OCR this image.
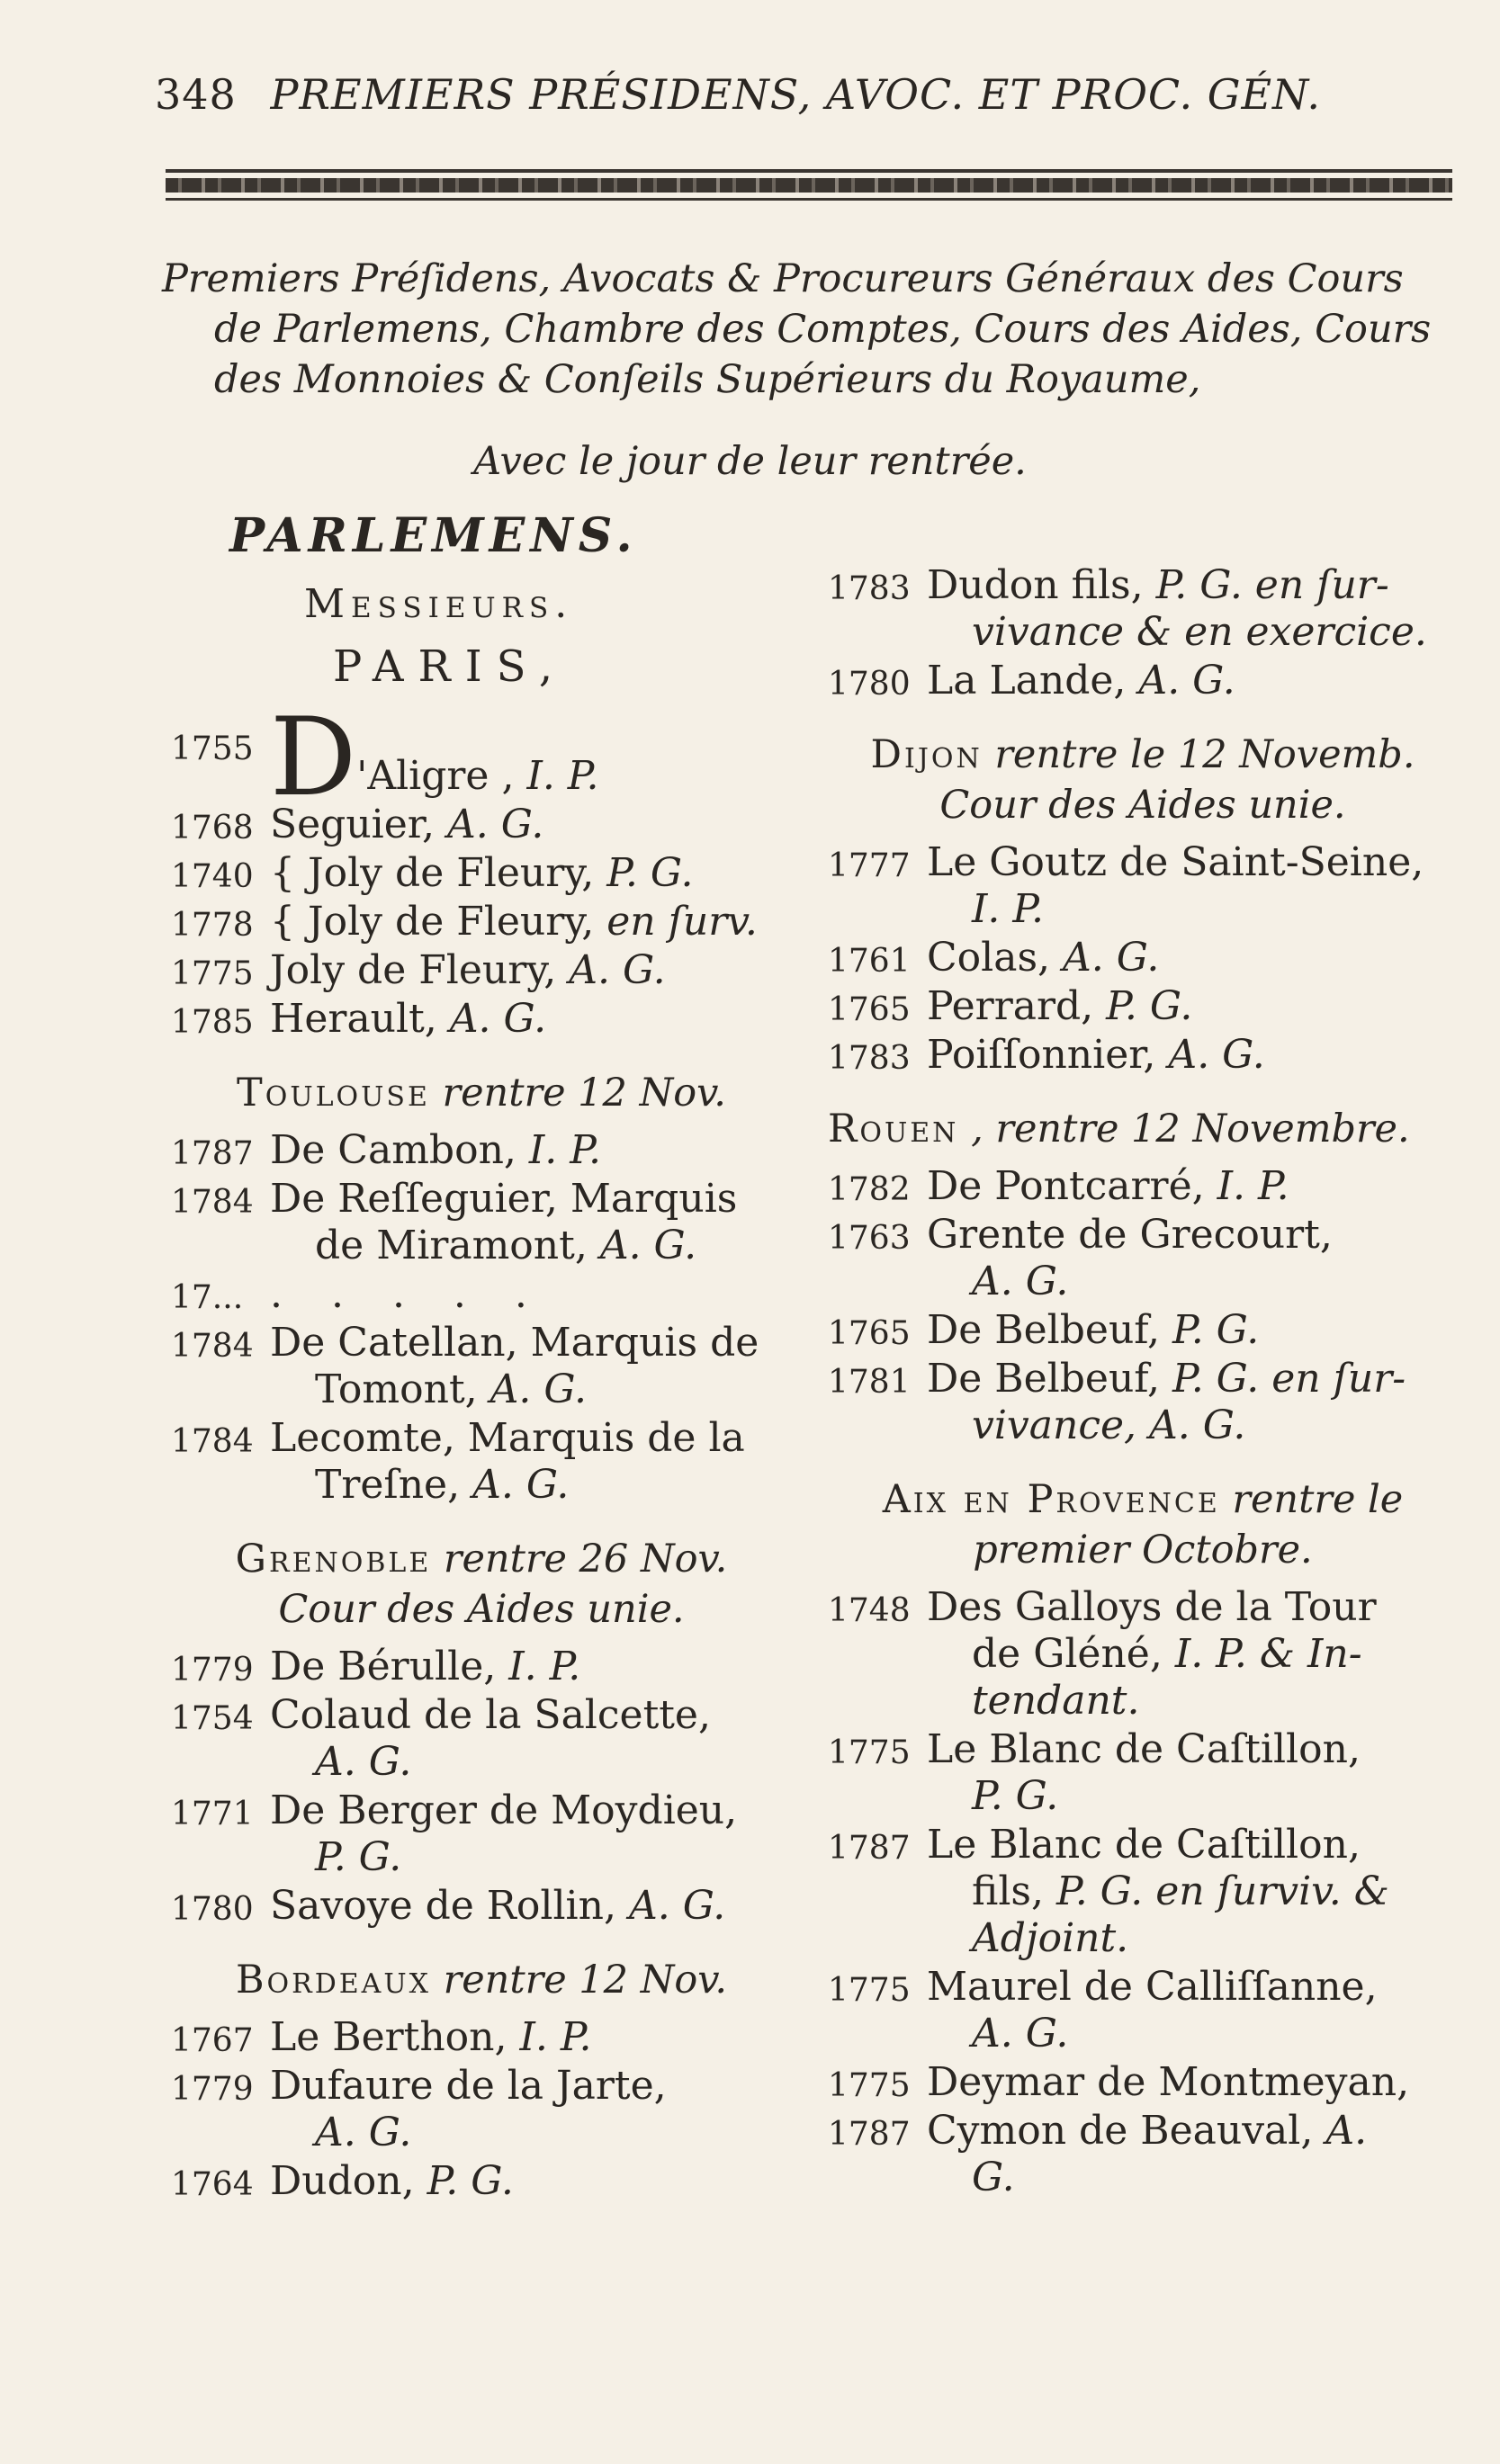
348 PREMIERS PRÉSIDENS, AVOC. ET PROC. GÉN.
Premiers Préſidens, Avocats & Procureurs Généraux des Cours
de Parlemens, Chambre des Comptes, Cours des Aides, Cours
des Monnoies & Conſeils Supérieurs du Royaume,
Avec le jour de leur rentrée.
PARLEMENS.
Messieurs.
PARIS,
1755 D'Aligre , I. P.
1768 Seguier, A. G.
1740 { Joly de Fleury, P. G.
1778 { Joly de Fleury, en ſurv.
1775 Joly de Fleury, A. G.
1785 Herault, A. G.
Toulouse rentre 12 Nov.
1787 De Cambon, I. P.
1784 De Reſſeguier, Marquis
de Miramont, A. G.
17... . . . . .
1784 De Catellan, Marquis de
Tomont, A. G.
1784 Lecomte, Marquis de la
Treſne, A. G.
Grenoble rentre 26 Nov.
Cour des Aides unie.
1779 De Bérulle, I. P.
1754 Colaud de la Salcette,
A. G.
1771 De Berger de Moydieu,
P. G.
1780 Savoye de Rollin, A. G.
Bordeaux rentre 12 Nov.
1767 Le Berthon, I. P.
1779 Dufaure de la Jarte,
A. G.
1764 Dudon, P. G.
1783 Dudon fils, P. G. en ſur-
vivance & en exercice.
1780 La Lande, A. G.
Dijon rentre le 12 Novemb.
Cour des Aides unie.
1777 Le Goutz de Saint-Seine,
I. P.
1761 Colas, A. G.
1765 Perrard, P. G.
1783 Poiſſonnier, A. G.
Rouen , rentre 12 Novembre.
1782 De Pontcarré, I. P.
1763 Grente de Grecourt,
A. G.
1765 De Belbeuf, P. G.
1781 De Belbeuf, P. G. en ſur-
vivance, A. G.
Aix en Provence rentre le
premier Octobre.
1748 Des Galloys de la Tour
de Gléné, I. P. & In-
tendant.
1775 Le Blanc de Caſtillon,
P. G.
1787 Le Blanc de Caſtillon,
fils, P. G. en ſurviv. &
Adjoint.
1775 Maurel de Calliſſanne,
A. G.
1775 Deymar de Montmeyan,
1787 Cymon de Beauval, A.
G.
